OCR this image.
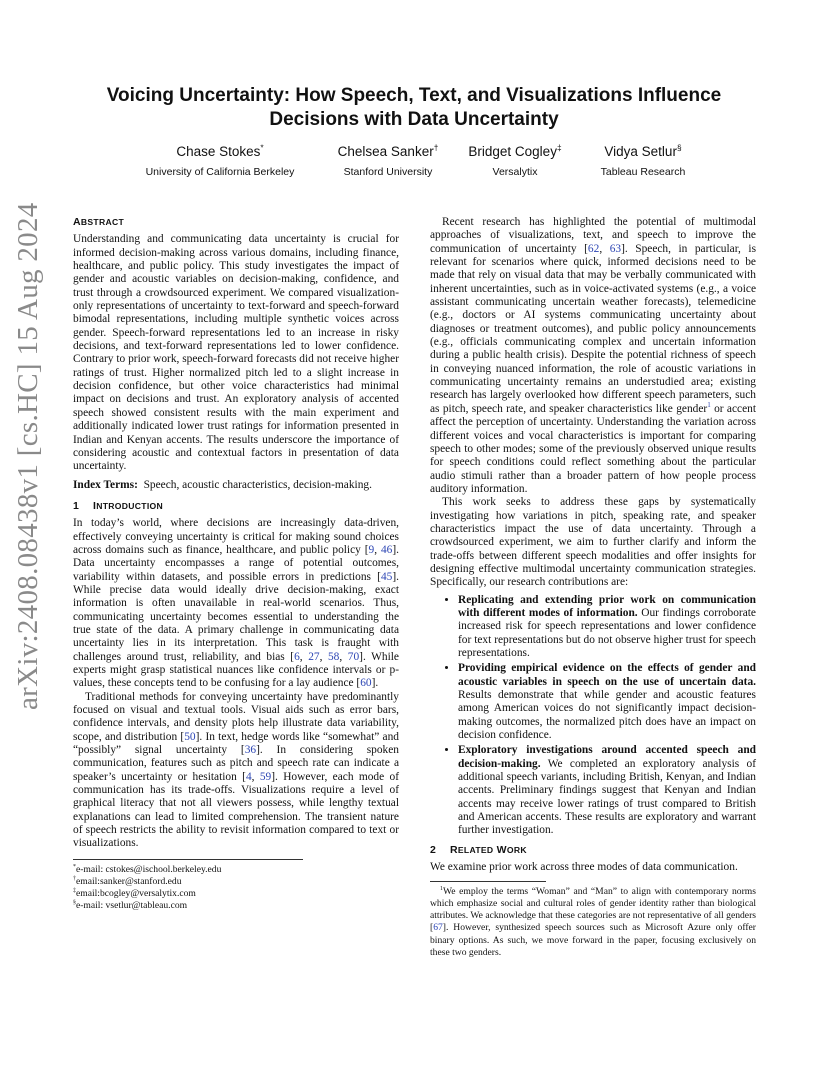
arXiv:2408.08438v1 [cs.HC] 15 Aug 2024
Voicing Uncertainty: How Speech, Text, and Visualizations Influence
Decisions with Data Uncertainty
Chase Stokes*
University of California Berkeley
Chelsea Sanker†
Stanford University
Bridget Cogley‡
Versalytix
Vidya Setlur§
Tableau Research
ABSTRACT

Understanding and communicating data uncertainty is crucial for informed decision-making across various domains, including finance, healthcare, and public policy. This study investigates the impact of gender and acoustic variables on decision-making, confidence, and trust through a crowdsourced experiment. We compared visualization-only representations of uncertainty to text-forward and speech-forward bimodal representations, including multiple synthetic voices across gender. Speech-forward representations led to an increase in risky decisions, and text-forward representations led to lower confidence. Contrary to prior work, speech-forward forecasts did not receive higher ratings of trust. Higher normalized pitch led to a slight increase in decision confidence, but other voice characteristics had minimal impact on decisions and trust. An exploratory analysis of accented speech showed consistent results with the main experiment and additionally indicated lower trust ratings for information presented in Indian and Kenyan accents. The results underscore the importance of considering acoustic and contextual factors in presentation of data uncertainty.

Index Terms: Speech, acoustic characteristics, decision-making.

1 INTRODUCTION

In today’s world, where decisions are increasingly data-driven, effectively conveying uncertainty is critical for making sound choices across domains such as finance, healthcare, and public policy [9, 46]. Data uncertainty encompasses a range of potential outcomes, variability within datasets, and possible errors in predictions [45]. While precise data would ideally drive decision-making, exact information is often unavailable in real-world scenarios. Thus, communicating uncertainty becomes essential to understanding the true state of the data. A primary challenge in communicating data uncertainty lies in its interpretation. This task is fraught with challenges around trust, reliability, and bias [6, 27, 58, 70]. While experts might grasp statistical nuances like confidence intervals or p-values, these concepts tend to be confusing for a lay audience [60].

Traditional methods for conveying uncertainty have predominantly focused on visual and textual tools. Visual aids such as error bars, confidence intervals, and density plots help illustrate data variability, scope, and distribution [50]. In text, hedge words like “somewhat” and “possibly” signal uncertainty [36]. In considering spoken communication, features such as pitch and speech rate can indicate a speaker’s uncertainty or hesitation [4, 59]. However, each mode of communication has its trade-offs. Visualizations require a level of graphical literacy that not all viewers possess, while lengthy textual explanations can lead to limited comprehension. The transient nature of speech restricts the ability to revisit information compared to text or visualizations.

*e-mail: cstokes@ischool.berkeley.edu
†email:sanker@stanford.edu
‡email:bcogley@versalytix.com
§e-mail: vsetlur@tableau.com

Recent research has highlighted the potential of multimodal approaches of visualizations, text, and speech to improve the communication of uncertainty [62, 63]. Speech, in particular, is relevant for scenarios where quick, informed decisions need to be made that rely on visual data that may be verbally communicated with inherent uncertainties, such as in voice-activated systems (e.g., a voice assistant communicating uncertain weather forecasts), telemedicine (e.g., doctors or AI systems communicating uncertainty about diagnoses or treatment outcomes), and public policy announcements (e.g., officials communicating complex and uncertain information during a public health crisis). Despite the potential richness of speech in conveying nuanced information, the role of acoustic variations in communicating uncertainty remains an understudied area; existing research has largely overlooked how different speech parameters, such as pitch, speech rate, and speaker characteristics like gender$^1$ or accent affect the perception of uncertainty. Understanding the variation across different voices and vocal characteristics is important for comparing speech to other modes; some of the previously observed unique results for speech conditions could reflect something about the particular audio stimuli rather than a broader pattern of how people process auditory information.

This work seeks to address these gaps by systematically investigating how variations in pitch, speaking rate, and speaker characteristics impact the use of data uncertainty. Through a crowdsourced experiment, we aim to further clarify and inform the trade-offs between different speech modalities and offer insights for designing effective multimodal uncertainty communication strategies. Specifically, our research contributions are:

• Replicating and extending prior work on communication with different modes of information. Our findings corroborate increased risk for speech representations and lower confidence for text representations but do not observe higher trust for speech representations.
• Providing empirical evidence on the effects of gender and acoustic variables in speech on the use of uncertain data. Results demonstrate that while gender and acoustic features among American voices do not significantly impact decision-making outcomes, the normalized pitch does have an impact on decision confidence.
• Exploratory investigations around accented speech and decision-making. We completed an exploratory analysis of additional speech variants, including British, Kenyan, and Indian accents. Preliminary findings suggest that Kenyan and Indian accents may receive lower ratings of trust compared to British and American accents. These results are exploratory and warrant further investigation.
2 RELATED WORK

We examine prior work across three modes of data communication.

$^1$We employ the terms “Woman” and “Man” to align with contemporary norms which emphasize social and cultural roles of gender identity rather than biological attributes. We acknowledge that these categories are not representative of all genders [67]. However, synthesized speech sources such as Microsoft Azure only offer binary options. As such, we move forward in the paper, focusing exclusively on these two genders.
